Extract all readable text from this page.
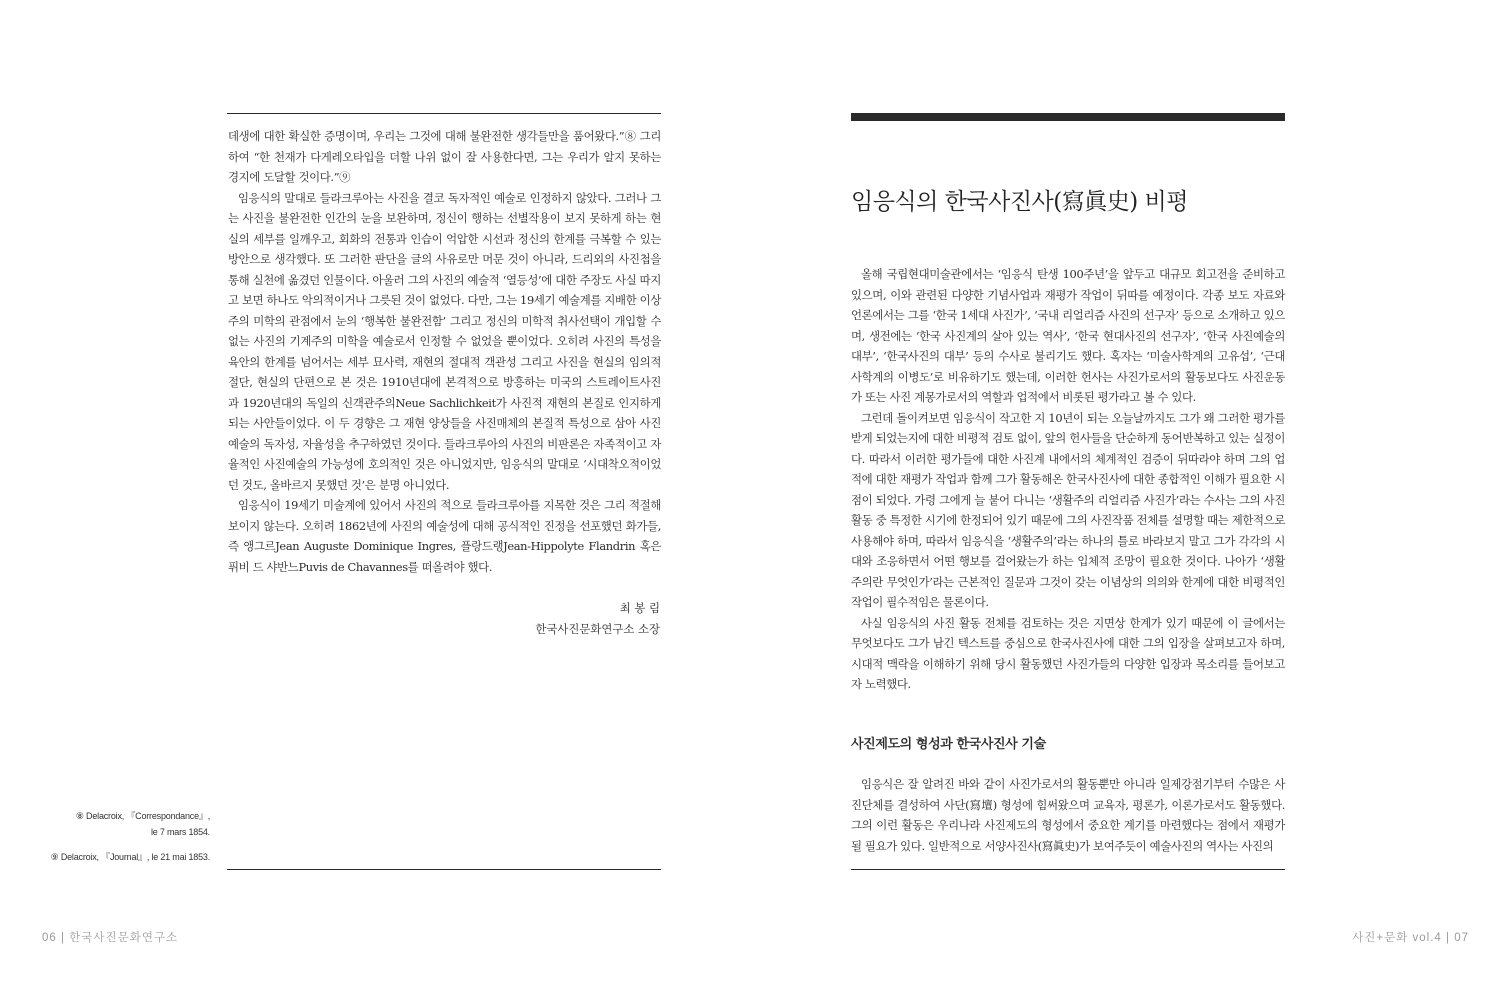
데생에 대한 확실한 증명이며, 우리는 그것에 대해 불완전한 생각들만을 품어왔다.”⑧ 그리하여 “한 천재가 다게레오타입을 더할 나위 없이 잘 사용한다면, 그는 우리가 알지 못하는 경지에 도달할 것이다.”⑨

임응식의 말대로 들라크루아는 사진을 결코 독자적인 예술로 인정하지 않았다. 그러나 그는 사진을 불완전한 인간의 눈을 보완하며, 정신이 행하는 선별작용이 보지 못하게 하는 현실의 세부를 일깨우고, 회화의 전통과 인습이 억압한 시선과 정신의 한계를 극복할 수 있는 방안으로 생각했다. 또 그러한 판단을 글의 사유로만 머문 것이 아니라, 드리외의 사진첩을 통해 실천에 옮겼던 인물이다. 아울러 그의 사진의 예술적 ‘열등성’에 대한 주장도 사실 따지고 보면 하나도 악의적이거나 그릇된 것이 없었다. 다만, 그는 19세기 예술계를 지배한 이상주의 미학의 관점에서 눈의 ‘행복한 불완전함’ 그리고 정신의 미학적 취사선택이 개입할 수 없는 사진의 기계주의 미학을 예술로서 인정할 수 없었을 뿐이었다. 오히려 사진의 특성을 육안의 한계를 넘어서는 세부 묘사력, 재현의 절대적 객관성 그리고 사진을 현실의 임의적 절단, 현실의 단편으로 본 것은 1910년대에 본격적으로 방흥하는 미국의 스트레이트사진과 1920년대의 독일의 신객관주의Neue Sachlichkeit가 사진적 재현의 본질로 인지하게 되는 사안들이었다. 이 두 경향은 그 재현 양상들을 사진매체의 본질적 특성으로 삼아 사진예술의 독자성, 자율성을 추구하였던 것이다. 들라크루아의 사진의 비판론은 자족적이고 자율적인 사진예술의 가능성에 호의적인 것은 아니었지만, 임응식의 말대로 ‘시대착오적이었던 것도, 올바르지 못했던 것’은 분명 아니었다.

임응식이 19세기 미술계에 있어서 사진의 적으로 들라크루아를 지목한 것은 그리 적절해 보이지 않는다. 오히려 1862년에 사진의 예술성에 대해 공식적인 진정을 선포했던 화가들, 즉 앵그르Jean Auguste Dominique Ingres, 플랑드랭Jean-Hippolyte Flandrin 혹은 퓌비 드 샤반느Puvis de Chavannes를 떠올려야 했다.

최 봉 림
한국사진문화연구소 소장
⑧ Delacroix, 『Correspondance』,
le 7 mars 1854.
⑨ Delacroix, 『Journal』, le 21 mai 1853.
06 | 한국사진문화연구소
임응식의 한국사진사(寫眞史) 비평

올해 국립현대미술관에서는 ‘임응식 탄생 100주년’을 앞두고 대규모 회고전을 준비하고 있으며, 이와 관련된 다양한 기념사업과 재평가 작업이 뒤따를 예정이다. 각종 보도 자료와 언론에서는 그를 ‘한국 1세대 사진가’, ‘국내 리얼리즘 사진의 선구자’ 등으로 소개하고 있으며, 생전에는 ‘한국 사진계의 살아 있는 역사’, ‘한국 현대사진의 선구자’, ‘한국 사진예술의 대부’, ‘한국사진의 대부’ 등의 수사로 불리기도 했다. 혹자는 ‘미술사학계의 고유섭’, ‘근대사학계의 이병도’로 비유하기도 했는데, 이러한 헌사는 사진가로서의 활동보다도 사진운동가 또는 사진 계몽가로서의 역할과 업적에서 비롯된 평가라고 볼 수 있다.

그런데 돌이켜보면 임응식이 작고한 지 10년이 되는 오늘날까지도 그가 왜 그러한 평가를 받게 되었는지에 대한 비평적 검토 없이, 앞의 헌사들을 단순하게 동어반복하고 있는 실정이다. 따라서 이러한 평가들에 대한 사진계 내에서의 체계적인 검증이 뒤따라야 하며 그의 업적에 대한 재평가 작업과 함께 그가 활동해온 한국사진사에 대한 종합적인 이해가 필요한 시점이 되었다. 가령 그에게 늘 붙어 다니는 ‘생활주의 리얼리즘 사진가’라는 수사는 그의 사진 활동 중 특정한 시기에 한정되어 있기 때문에 그의 사진작품 전체를 설명할 때는 제한적으로 사용해야 하며, 따라서 임응식을 ‘생활주의’라는 하나의 틀로 바라보지 말고 그가 각각의 시대와 조응하면서 어떤 행보를 걸어왔는가 하는 입체적 조망이 필요한 것이다. 나아가 ‘생활주의란 무엇인가’라는 근본적인 질문과 그것이 갖는 이념상의 의의와 한계에 대한 비평적인 작업이 필수적임은 물론이다.

사실 임응식의 사진 활동 전체를 검토하는 것은 지면상 한계가 있기 때문에 이 글에서는 무엇보다도 그가 남긴 텍스트를 중심으로 한국사진사에 대한 그의 입장을 살펴보고자 하며, 시대적 맥락을 이해하기 위해 당시 활동했던 사진가들의 다양한 입장과 목소리를 들어보고자 노력했다.

사진제도의 형성과 한국사진사 기술

임응식은 잘 알려진 바와 같이 사진가로서의 활동뿐만 아니라 일제강점기부터 수많은 사진단체를 결성하여 사단(寫壇) 형성에 힘써왔으며 교육자, 평론가, 이론가로서도 활동했다. 그의 이런 활동은 우리나라 사진제도의 형성에서 중요한 계기를 마련했다는 점에서 재평가될 필요가 있다. 일반적으로 서양사진사(寫眞史)가 보여주듯이 예술사진의 역사는 사진의

사진+문화 vol.4 | 07
